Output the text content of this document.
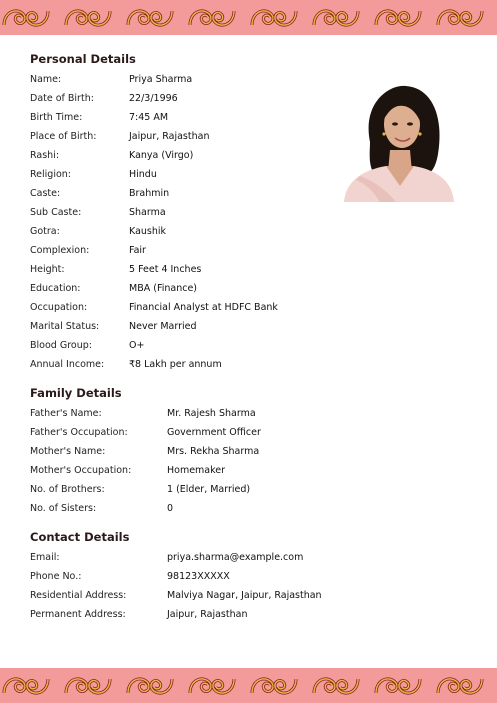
Personal Details
Name:	Priya Sharma
Date of Birth:	22/3/1996
Birth Time:	7:45 AM
Place of Birth:	Jaipur, Rajasthan
Rashi:	Kanya (Virgo)
Religion:	Hindu
Caste:	Brahmin
Sub Caste:	Sharma
Gotra:	Kaushik
Complexion:	Fair
Height:	5 Feet 4 Inches
Education:	MBA (Finance)
Occupation:	Financial Analyst at HDFC Bank
Marital Status:	Never Married
Blood Group:	O+
Annual Income:	₹8 Lakh per annum
Family Details
Father's Name:	Mr. Rajesh Sharma
Father's Occupation:	Government Officer
Mother's Name:	Mrs. Rekha Sharma
Mother's Occupation:	Homemaker
No. of Brothers:	1 (Elder, Married)
No. of Sisters:	0
Contact Details
Email:	priya.sharma@example.com
Phone No.:	98123XXXXX
Residential Address:	Malviya Nagar, Jaipur, Rajasthan
Permanent Address:	Jaipur, Rajasthan
